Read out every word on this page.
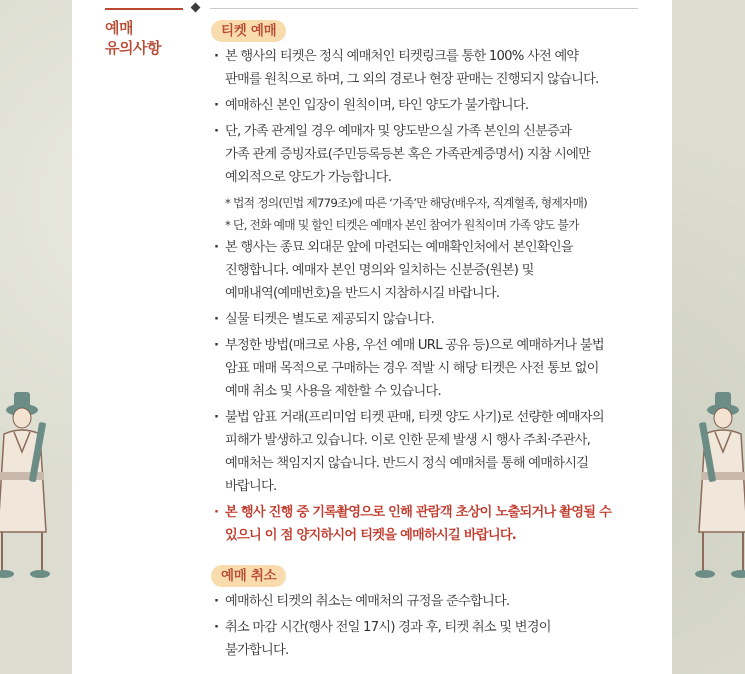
예매
유의사항
티켓 예매
· 본 행사의 티켓은 정식 예매처인 티켓링크를 통한 100% 사전 예약
판매를 원칙으로 하며, 그 외의 경로나 현장 판매는 진행되지 않습니다.
· 예매하신 본인 입장이 원칙이며, 타인 양도가 불가합니다.
· 단, 가족 관계일 경우 예매자 및 양도받으실 가족 본인의 신분증과
가족 관계 증빙자료(주민등록등본 혹은 가족관계증명서) 지참 시에만
예외적으로 양도가 가능합니다.
* 법적 정의(민법 제779조)에 따른 ‘가족’만 해당(배우자, 직계혈족, 형제자매)
* 단, 전화 예매 및 할인 티켓은 예매자 본인 참여가 원칙이며 가족 양도 불가
· 본 행사는 종묘 외대문 앞에 마련되는 예매확인처에서 본인확인을
진행합니다. 예매자 본인 명의와 일치하는 신분증(원본) 및
예매내역(예매번호)을 반드시 지참하시길 바랍니다.
· 실물 티켓은 별도로 제공되지 않습니다.
· 부정한 방법(매크로 사용, 우선 예매 URL 공유 등)으로 예매하거나 불법
암표 매매 목적으로 구매하는 경우 적발 시 해당 티켓은 사전 통보 없이
예매 취소 및 사용을 제한할 수 있습니다.
· 불법 암표 거래(프리미엄 티켓 판매, 티켓 양도 사기)로 선량한 예매자의
피해가 발생하고 있습니다. 이로 인한 문제 발생 시 행사 주최·주관사,
예매처는 책임지지 않습니다. 반드시 정식 예매처를 통해 예매하시길
바랍니다.
· 본 행사 진행 중 기록촬영으로 인해 관람객 초상이 노출되거나 촬영될 수
있으니 이 점 양지하시어 티켓을 예매하시길 바랍니다.
예매 취소
· 예매하신 티켓의 취소는 예매처의 규정을 준수합니다.
· 취소 마감 시간(행사 전일 17시) 경과 후, 티켓 취소 및 변경이
불가합니다.
